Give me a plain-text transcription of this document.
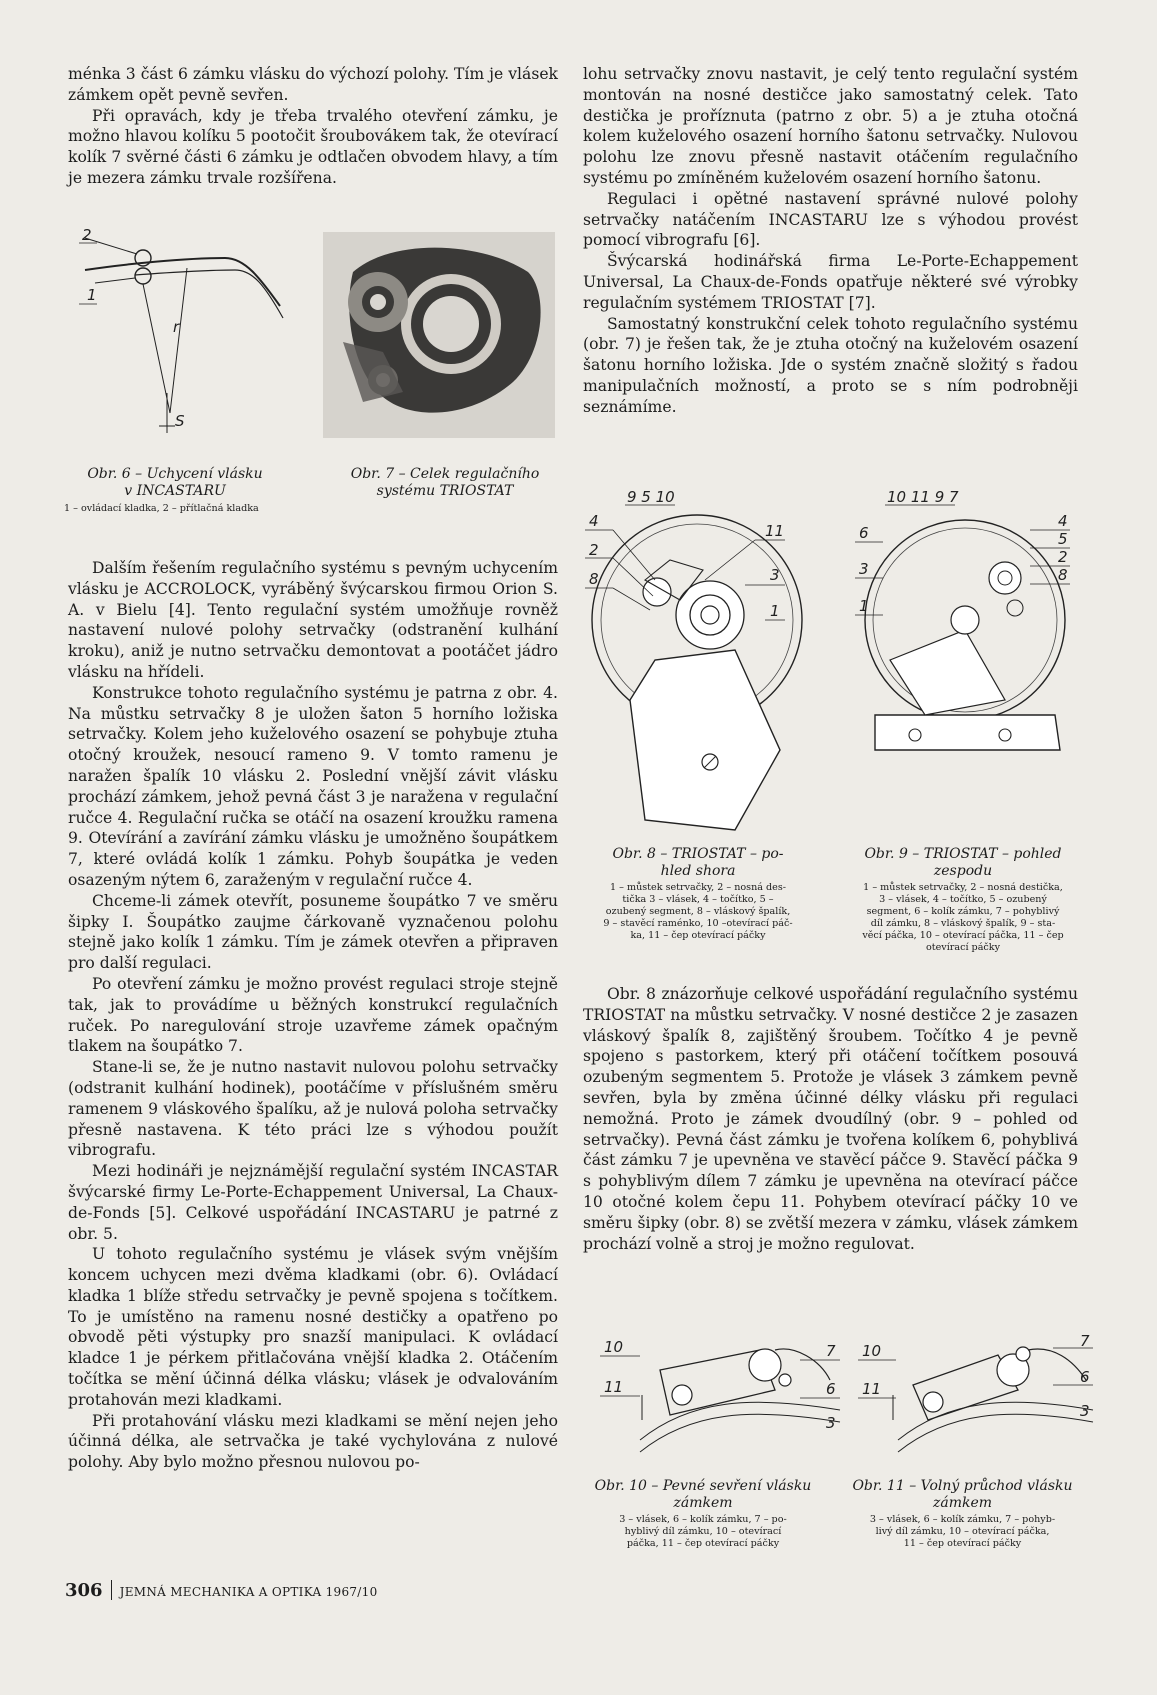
ménka 3 část 6 zámku vlásku do výchozí polohy. Tím je vlásek zámkem opět pevně sevřen.

Při opravách, kdy je třeba trvalého otevření zámku, je možno hlavou kolíku 5 pootočit šroubovákem tak, že otevírací kolík 7 svěrné části 6 zámku je odtlačen obvodem hlavy, a tím je mezera zámku trvale rozšířena.

2
1
r
S
Obr. 6 – Uchycení vlásku
v INCASTARU
1 – ovládací kladka, 2 – přítlačná kladka
Obr. 7 – Celek regulačního
systému TRIOSTAT

Dalším řešením regulačního systému s pevným uchycením vlásku je ACCROLOCK, vyráběný švýcarskou firmou Orion S. A. v Bielu [4]. Tento regulační systém umožňuje rovněž nastavení nulové polohy setrvačky (odstranění kulhání kroku), aniž je nutno setrvačku demontovat a pootáčet jádro vlásku na hřídeli.

Konstrukce tohoto regulačního systému je patrna z obr. 4. Na můstku setrvačky 8 je uložen šaton 5 horního ložiska setrvačky. Kolem jeho kuželového osazení se pohybuje ztuha otočný kroužek, nesoucí rameno 9. V tomto ramenu je naražen špalík 10 vlásku 2. Poslední vnější závit vlásku prochází zámkem, jehož pevná část 3 je naražena v regulační ručce 4. Regulační ručka se otáčí na osazení kroužku ramena 9. Otevírání a zavírání zámku vlásku je umožněno šoupátkem 7, které ovládá kolík 1 zámku. Pohyb šoupátka je veden osazeným nýtem 6, zaraženým v regulační ručce 4.

Chceme-li zámek otevřít, posuneme šoupátko 7 ve směru šipky I. Šoupátko zaujme čárkovaně vyznačenou polohu stejně jako kolík 1 zámku. Tím je zámek otevřen a připraven pro další regulaci.

Po otevření zámku je možno provést regulaci stroje stejně tak, jak to provádíme u běžných konstrukcí regulačních ruček. Po naregulování stroje uzavřeme zámek opačným tlakem na šoupátko 7.

Stane-li se, že je nutno nastavit nulovou polohu setrvačky (odstranit kulhání hodinek), pootáčíme v příslušném směru ramenem 9 vláskového špalíku, až je nulová poloha setrvačky přesně nastavena. K této práci lze s výhodou použít vibrografu.

Mezi hodináři je nejznámější regulační systém INCASTAR švýcarské firmy Le-Porte-Echappement Universal, La Chaux-de-Fonds [5]. Celkové uspořádání INCASTARU je patrné z obr. 5.

U tohoto regulačního systému je vlásek svým vnějším koncem uchycen mezi dvěma kladkami (obr. 6). Ovládací kladka 1 blíže středu setrvačky je pevně spojena s točítkem. To je umístěno na ramenu nosné destičky a opatřeno po obvodě pěti výstupky pro snazší manipulaci. K ovládací kladce 1 je pérkem přitlačována vnější kladka 2. Otáčením točítka se mění účinná délka vlásku; vlásek je odvalováním protahován mezi kladkami.

Při protahování vlásku mezi kladkami se mění nejen jeho účinná délka, ale setrvačka je také vychylována z nulové polohy. Aby bylo možno přesnou nulovou po-

lohu setrvačky znovu nastavit, je celý tento regulační systém montován na nosné destičce jako samostatný celek. Tato destička je proříznuta (patrno z obr. 5) a je ztuha otočná kolem kuželového osazení horního šatonu setrvačky. Nulovou polohu lze znovu přesně nastavit otáčením regulačního systému po zmíněném kuželovém osazení horního šatonu.

Regulaci i opětné nastavení správné nulové polohy setrvačky natáčením INCASTARU lze s výhodou provést pomocí vibrografu [6].

Švýcarská hodinářská firma Le-Porte-Echappement Universal, La Chaux-de-Fonds opatřuje některé své výrobky regulačním systémem TRIOSTAT [7].

Samostatný konstrukční celek tohoto regulačního systému (obr. 7) je řešen tak, že je ztuha otočný na kuželovém osazení šatonu horního ložiska. Jde o systém značně složitý s řadou manipulačních možností, a proto se s ním podrobněji seznámíme.

9 5 10
4
2
8
11
3
1
10 11 9 7
6
3
1
4
5
2
8
Obr. 8 – TRIOSTAT – po-
hled shora
1 – můstek setrvačky, 2 – nosná des-
tička 3 – vlásek, 4 – točítko, 5 –
ozubený segment, 8 – vláskový špalík,
9 – stavěcí raménko, 10 –otevírací páč-
ka, 11 – čep otevírací páčky
Obr. 9 – TRIOSTAT – pohled
zespodu
1 – můstek setrvačky, 2 – nosná destička,
3 – vlásek, 4 – točítko, 5 – ozubený
segment, 6 – kolík zámku, 7 – pohyblivý
díl zámku, 8 – vláskový špalík, 9 – sta-
věcí páčka, 10 – otevírací páčka, 11 – čep
otevírací páčky

Obr. 8 znázorňuje celkové uspořádání regulačního systému TRIOSTAT na můstku setrvačky. V nosné destičce 2 je zasazen vláskový špalík 8, zajištěný šroubem. Točítko 4 je pevně spojeno s pastorkem, který při otáčení točítkem posouvá ozubeným segmentem 5. Protože je vlásek 3 zámkem pevně sevřen, byla by změna účinné délky vlásku při regulaci nemožná. Proto je zámek dvoudílný (obr. 9 – pohled od setrvačky). Pevná část zámku je tvořena kolíkem 6, pohyblivá část zámku 7 je upevněna ve stavěcí páčce 9. Stavěcí páčka 9 s pohyblivým dílem 7 zámku je upevněna na otevírací páčce 10 otočné kolem čepu 11. Pohybem otevírací páčky 10 ve směru šipky (obr. 8) se zvětší mezera v zámku, vlásek zámkem prochází volně a stroj je možno regulovat.

10
11
7
6
3
10
11
7
6
3
Obr. 10 – Pevné sevření vlásku
zámkem
3 – vlásek, 6 – kolík zámku, 7 – po-
hyblivý díl zámku, 10 – otevírací
páčka, 11 – čep otevírací páčky
Obr. 11 – Volný průchod vlásku
zámkem
3 – vlásek, 6 – kolík zámku, 7 – pohyb-
livý díl zámku, 10 – otevírací páčka,
11 – čep otevírací páčky
306 JEMNÁ MECHANIKA A OPTIKA 1967/10
